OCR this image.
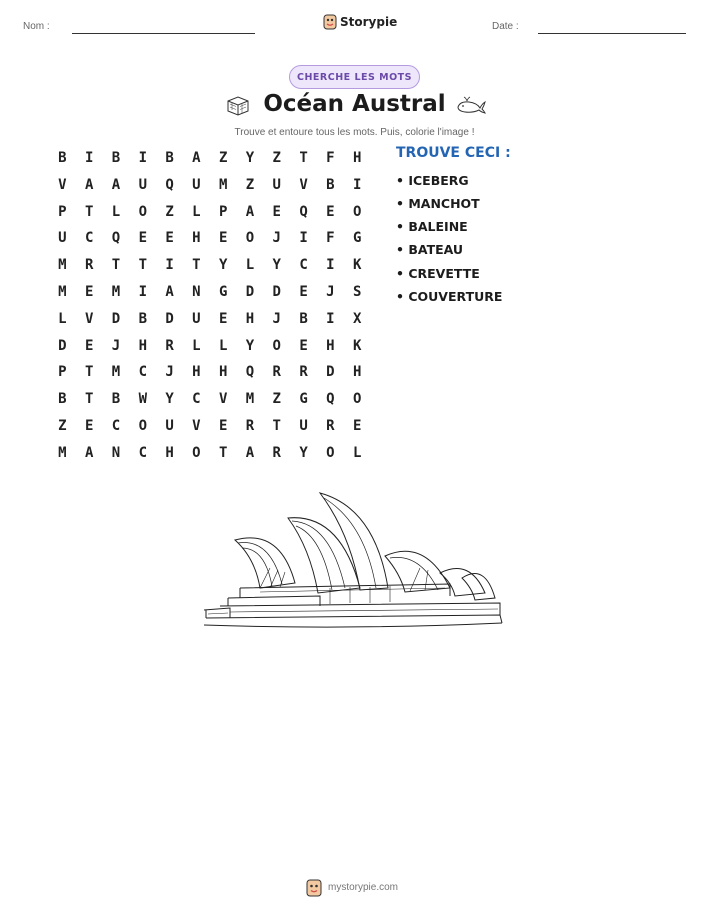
Nom :	Storypie	Date :
CHERCHE LES MOTS
Océan Austral
Trouve et entoure tous les mots. Puis, colorie l'image !
B	I	B	I	B	A	Z	Y	Z	T	F	H
V	A	A	U	Q	U	M	Z	U	V	B	I
P	T	L	O	Z	L	P	A	E	Q	E	O
U	C	Q	E	E	H	E	O	J	I	F	G
M	R	T	T	I	T	Y	L	Y	C	I	K
M	E	M	I	A	N	G	D	D	E	J	S
L	V	D	B	D	U	E	H	J	B	I	X
D	E	J	H	R	L	L	Y	O	E	H	K
P	T	M	C	J	H	H	Q	R	R	D	H
B	T	B	W	Y	C	V	M	Z	G	Q	O
Z	E	C	O	U	V	E	R	T	U	R	E
M	A	N	C	H	O	T	A	R	Y	O	L
TROUVE CECI :
• ICEBERG
• MANCHOT
• BALEINE
• BATEAU
• CREVETTE
• COUVERTURE
mystorypie.com
